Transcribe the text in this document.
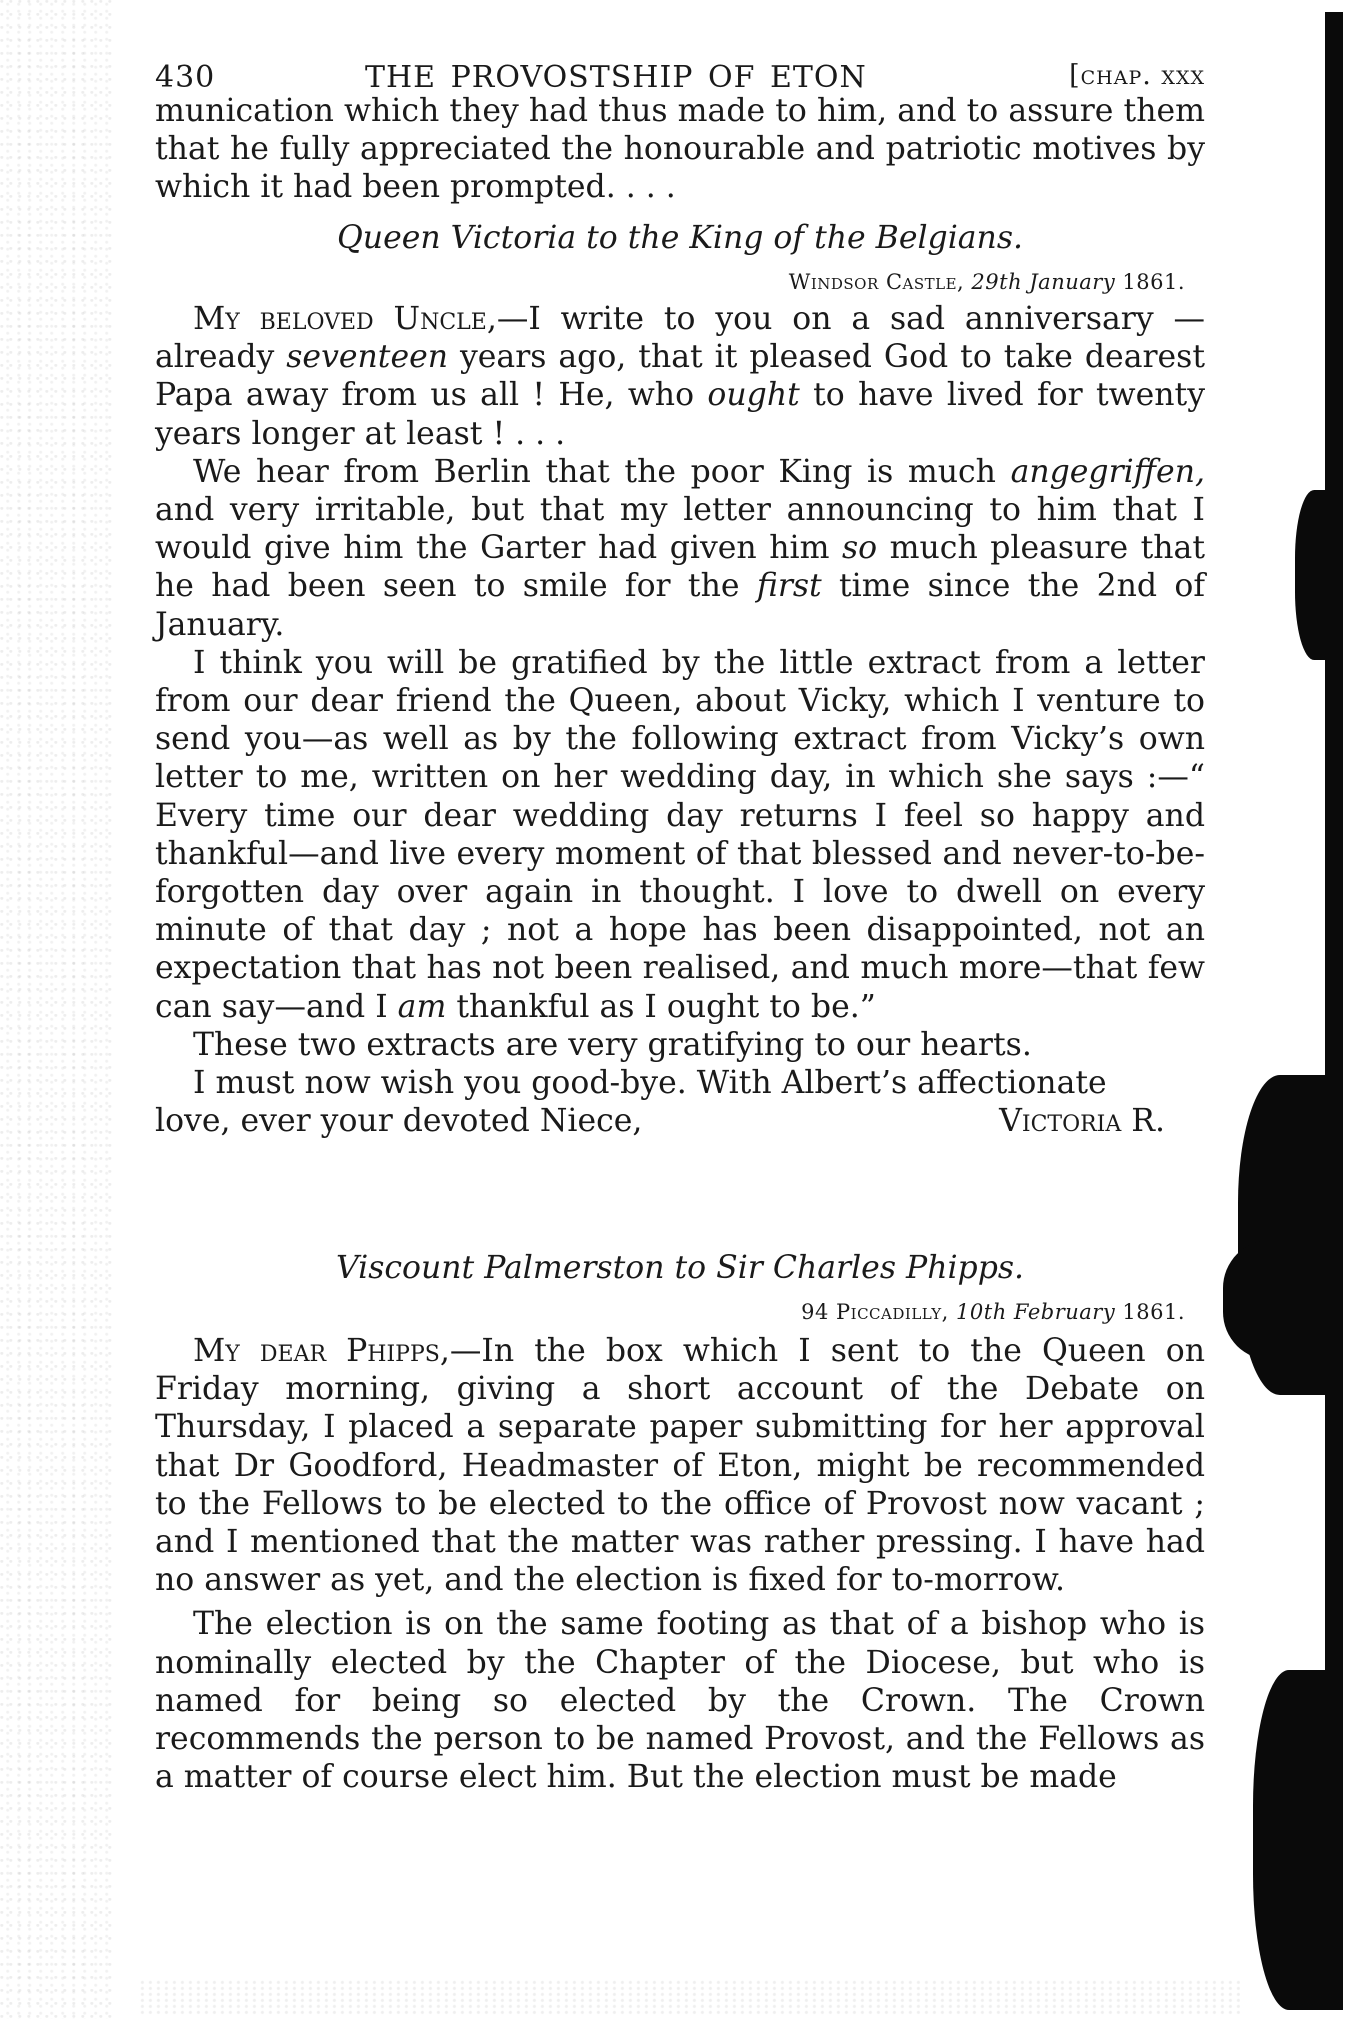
430	THE PROVOSTSHIP OF ETON	[chap. xxx

munication which they had thus made to him, and to assure them that he fully appreciated the honourable and patriotic motives by which it had been prompted. . . .

Queen Victoria to the King of the Belgians.
Windsor Castle, 29th January 1861.

My beloved Uncle,—I write to you on a sad anniversary —already seventeen years ago, that it pleased God to take dearest Papa away from us all ! He, who ought to have lived for twenty years longer at least ! . . .

We hear from Berlin that the poor King is much angegriffen, and very irritable, but that my letter announcing to him that I would give him the Garter had given him so much pleasure that he had been seen to smile for the first time since the 2nd of January.

I think you will be gratified by the little extract from a letter from our dear friend the Queen, about Vicky, which I venture to send you—as well as by the following extract from Vicky’s own letter to me, written on her wedding day, in which she says :—“ Every time our dear wedding day returns I feel so happy and thankful—and live every moment of that blessed and never-to-be-forgotten day over again in thought. I love to dwell on every minute of that day ; not a hope has been disappointed, not an expectation that has not been realised, and much more—that few can say—and I am thankful as I ought to be.”

These two extracts are very gratifying to our hearts.

I must now wish you good-bye. With Albert’s affectionate

love, ever your devoted Niece,	Victoria R.
Viscount Palmerston to Sir Charles Phipps.
94 Piccadilly, 10th February 1861.

My dear Phipps,—In the box which I sent to the Queen on Friday morning, giving a short account of the Debate on Thursday, I placed a separate paper submitting for her approval that Dr Goodford, Headmaster of Eton, might be recommended to the Fellows to be elected to the office of Provost now vacant ; and I mentioned that the matter was rather pressing. I have had no answer as yet, and the election is fixed for to-morrow.

The election is on the same footing as that of a bishop who is nominally elected by the Chapter of the Diocese, but who is named for being so elected by the Crown. The Crown recommends the person to be named Provost, and the Fellows as a matter of course elect him. But the election must be made
